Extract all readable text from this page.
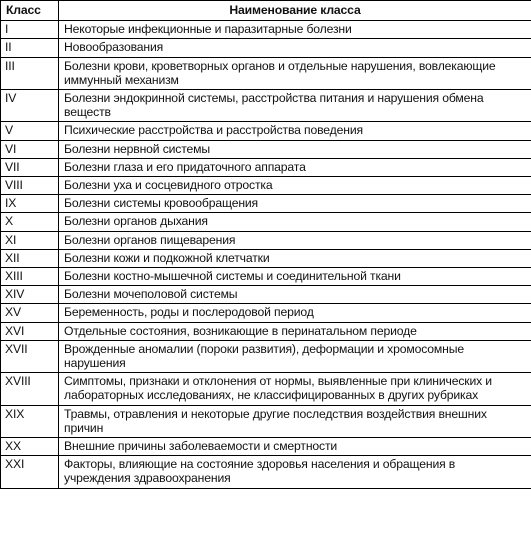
Класс	Наименование класса
I	Некоторые инфекционные и паразитарные болезни
II	Новообразования
III	Болезни крови, кроветворных органов и отдельные нарушения, вовлекающие иммунный механизм
IV	Болезни эндокринной системы, расстройства питания и нарушения обмена веществ
V	Психические расстройства и расстройства поведения
VI	Болезни нервной системы
VII	Болезни глаза и его придаточного аппарата
VIII	Болезни уха и сосцевидного отростка
IX	Болезни системы кровообращения
X	Болезни органов дыхания
XI	Болезни органов пищеварения
XII	Болезни кожи и подкожной клетчатки
XIII	Болезни костно-мышечной системы и соединительной ткани
XIV	Болезни мочеполовой системы
XV	Беременность, роды и послеродовой период
XVI	Отдельные состояния, возникающие в перинатальном периоде
XVII	Врожденные аномалии (пороки развития), деформации и хромосомные нарушения
XVIII	Симптомы, признаки и отклонения от нормы, выявленные при клинических и лабораторных исследованиях, не классифицированных в других рубриках
XIX	Травмы, отравления и некоторые другие последствия воздействия внешних причин
XX	Внешние причины заболеваемости и смертности
XXI	Факторы, влияющие на состояние здоровья населения и обращения в учреждения здравоохранения
